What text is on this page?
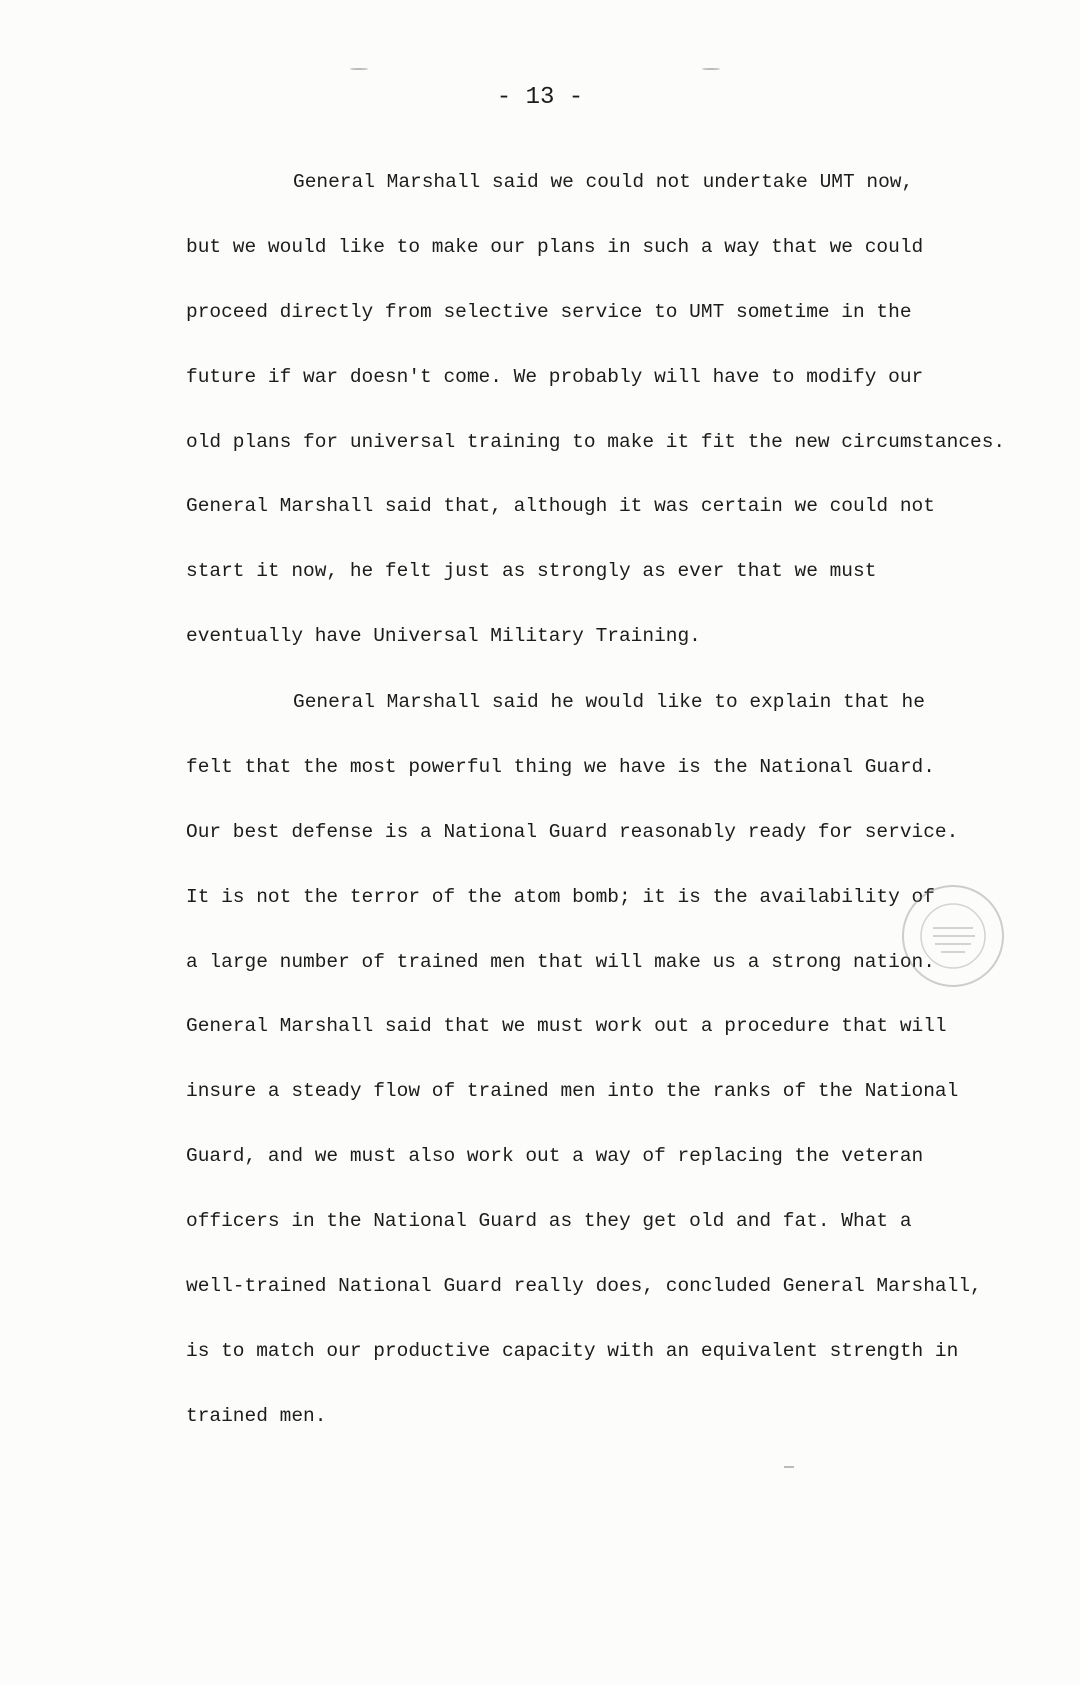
- 13 -
General Marshall said we could not undertake UMT now,
but we would like to make our plans in such a way that we could
proceed directly from selective service to UMT sometime in the
future if war doesn't come. We probably will have to modify our
old plans for universal training to make it fit the new circumstances.
General Marshall said that, although it was certain we could not
start it now, he felt just as strongly as ever that we must
eventually have Universal Military Training.
General Marshall said he would like to explain that he
felt that the most powerful thing we have is the National Guard.
Our best defense is a National Guard reasonably ready for service.
It is not the terror of the atom bomb; it is the availability of
a large number of trained men that will make us a strong nation.
General Marshall said that we must work out a procedure that will
insure a steady flow of trained men into the ranks of the National
Guard, and we must also work out a way of replacing the veteran
officers in the National Guard as they get old and fat. What a
well-trained National Guard really does, concluded General Marshall,
is to match our productive capacity with an equivalent strength in
trained men.
